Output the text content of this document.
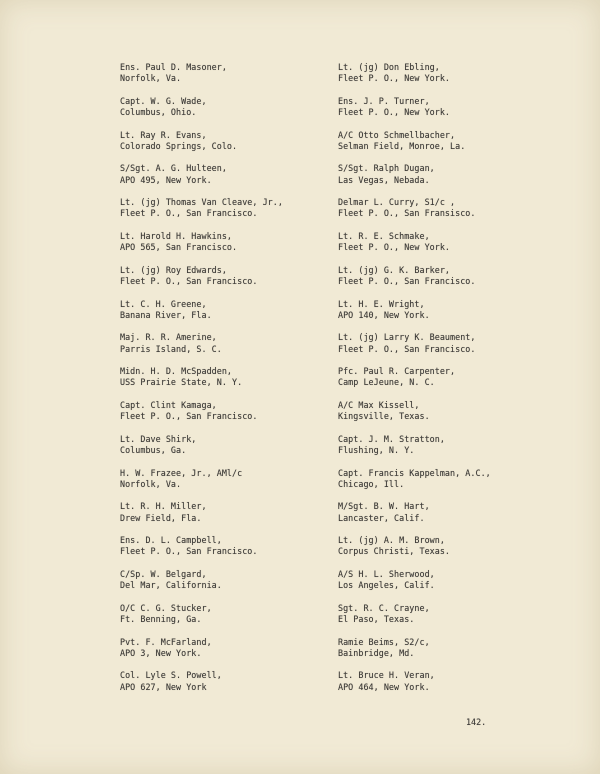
Ens. Paul D. Masoner,
Norfolk, Va.
Capt. W. G. Wade,
Columbus, Ohio.
Lt. Ray R. Evans,
Colorado Springs, Colo.
S/Sgt. A. G. Hulteen,
APO 495, New York.
Lt. (jg) Thomas Van Cleave, Jr.,
Fleet P. O., San Francisco.
Lt. Harold H. Hawkins,
APO 565, San Francisco.
Lt. (jg) Roy Edwards,
Fleet P. O., San Francisco.
Lt. C. H. Greene,
Banana River, Fla.
Maj. R. R. Amerine,
Parris Island, S. C.
Midn. H. D. McSpadden,
USS Prairie State, N. Y.
Capt. Clint Kamaga,
Fleet P. O., San Francisco.
Lt. Dave Shirk,
Columbus, Ga.
H. W. Frazee, Jr., AMl/c
Norfolk, Va.
Lt. R. H. Miller,
Drew Field, Fla.
Ens. D. L. Campbell,
Fleet P. O., San Francisco.
C/Sp. W. Belgard,
Del Mar, California.
O/C C. G. Stucker,
Ft. Benning, Ga.
Pvt. F. McFarland,
APO 3, New York.
Col. Lyle S. Powell,
APO 627, New York
Lt. (jg) Don Ebling,
Fleet P. O., New York.
Ens. J. P. Turner,
Fleet P. O., New York.
A/C Otto Schmellbacher,
Selman Field, Monroe, La.
S/Sgt. Ralph Dugan,
Las Vegas, Nebada.
Delmar L. Curry, S1/c ,
Fleet P. O., San Fransisco.
Lt. R. E. Schmake,
Fleet P. O., New York.
Lt. (jg) G. K. Barker,
Fleet P. O., San Francisco.
Lt. H. E. Wright,
APO 140, New York.
Lt. (jg) Larry K. Beaument,
Fleet P. O., San Francisco.
Pfc. Paul R. Carpenter,
Camp LeJeune, N. C.
A/C Max Kissell,
Kingsville, Texas.
Capt. J. M. Stratton,
Flushing, N. Y.
Capt. Francis Kappelman, A.C.,
Chicago, Ill.
M/Sgt. B. W. Hart,
Lancaster, Calif.
Lt. (jg) A. M. Brown,
Corpus Christi, Texas.
A/S H. L. Sherwood,
Los Angeles, Calif.
Sgt. R. C. Crayne,
El Paso, Texas.
Ramie Beims, S2/c,
Bainbridge, Md.
Lt. Bruce H. Veran,
APO 464, New York.
142.
